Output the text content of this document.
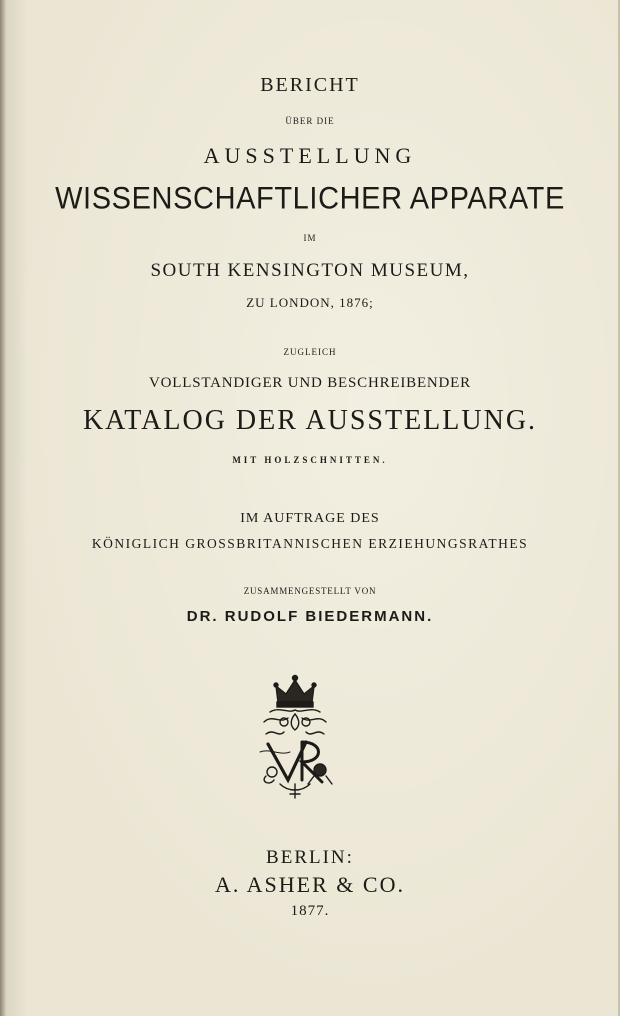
BERICHT
ÜBER DIE
AUSSTELLUNG
WISSENSCHAFTLICHER APPARATE
IM
SOUTH KENSINGTON MUSEUM,
ZU LONDON, 1876;
ZUGLEICH
VOLLSTANDIGER UND BESCHREIBENDER
KATALOG DER AUSSTELLUNG.
MIT HOLZSCHNITTEN.
IM AUFTRAGE DES
KÖNIGLICH GROSSBRITANNISCHEN ERZIEHUNGSRATHES
ZUSAMMENGESTELLT VON
DR. RUDOLF BIEDERMANN.
BERLIN:
A. ASHER & CO.
1877.
